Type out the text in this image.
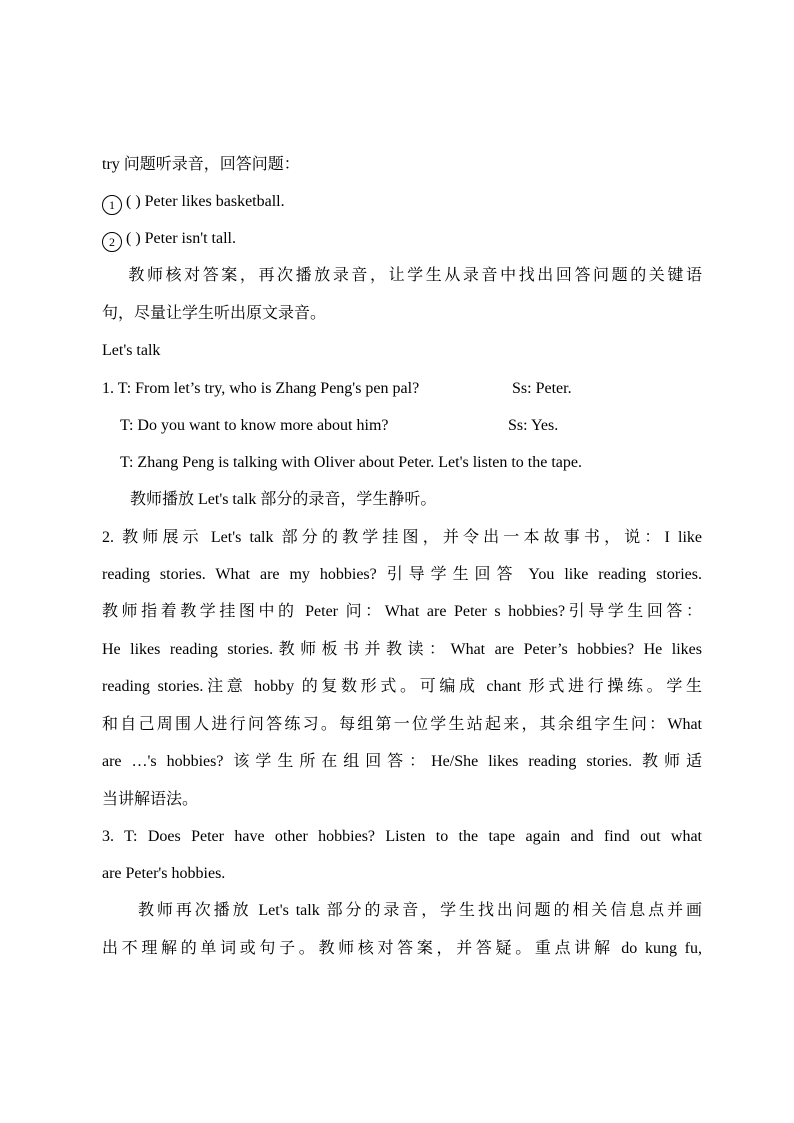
try 问题听录音，回答问题：
1 ( ) Peter likes basketball.
2 ( ) Peter isn't tall.
教师核对答案，再次播放录音，让学生从录音中找出回答问题的关键语
句，尽量让学生听出原文录音。
Let's talk
1. T: From let’s try, who is Zhang Peng's pen pal?	Ss: Peter.
T: Do you want to know more about him?	Ss: Yes.
T: Zhang Peng is talking with Oliver about Peter. Let's listen to the tape.
教师播放 Let's talk 部分的录音，学生静听。
2. 教师展示 Let's talk 部分的教学挂图，并令出一本故事书，说：I like
reading stories. What are my hobbies? 引导学生回答 You like reading stories.
教师指着教学挂图中的 Peter 问：What are Peter s hobbies?引导学生回答：
He likes reading stories.教师板书并教读：What are Peter’s hobbies? He likes
reading stories.注意 hobby 的复数形式。可编成 chant 形式进行操练。学生
和自己周围人进行问答练习。每组第一位学生站起来，其余组字生问：What
are …'s hobbies? 该学生所在组回答：He/She likes reading stories. 教师适
当讲解语法。
3. T: Does Peter have other hobbies? Listen to the tape again and find out what
are Peter's hobbies.
教师再次播放 Let's talk 部分的录音，学生找出问题的相关信息点并画
出不理解的单词或句子。教师核对答案，并答疑。重点讲解 do kung fu,
